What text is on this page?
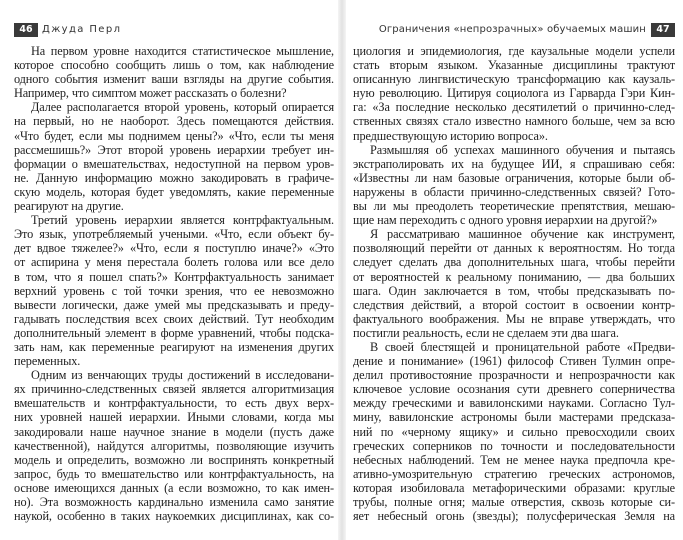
46 Джуда Перл
На первом уровне находится статистическое мышление,
которое способно сообщить лишь о том, как наблюдение
одного события изменит ваши взгляды на другие события.
Например, что симптом может рассказать о болезни?
Далее располагается второй уровень, который опирается
на первый, но не наоборот. Здесь помещаются действия.
«Что будет, если мы поднимем цены?» «Что, если ты меня
рассмешишь?» Этот второй уровень иерархии требует ин-
формации о вмешательствах, недоступной на первом уров-
не. Данную информацию можно закодировать в графиче-
скую модель, которая будет уведомлять, какие переменные
реагируют на другие.
Третий уровень иерархии является контрфактуальным.
Это язык, употребляемый учеными. «Что, если объект бу-
дет вдвое тяжелее?» «Что, если я поступлю иначе?» «Это
от аспирина у меня перестала болеть голова или все дело
в том, что я пошел спать?» Контрфактуальность занимает
верхний уровень с той точки зрения, что ее невозможно
вывести логически, даже умей мы предсказывать и преду-
гадывать последствия всех своих действий. Тут необходим
дополнительный элемент в форме уравнений, чтобы подска-
зать нам, как переменные реагируют на изменения других
переменных.
Одним из венчающих труды достижений в исследовани-
ях причинно-следственных связей является алгоритмизация
вмешательств и контрфактуальности, то есть двух верх-
них уровней нашей иерархии. Иными словами, когда мы
закодировали наше научное знание в модели (пусть даже
качественной), найдутся алгоритмы, позволяющие изучить
модель и определить, возможно ли воспринять конкретный
запрос, будь то вмешательство или контрфактуальность, на
основе имеющихся данных (а если возможно, то как имен-
но). Эта возможность кардинально изменила само занятие
наукой, особенно в таких наукоемких дисциплинах, как со-
Ограничения «непрозрачных» обучаемых машин	47
циология и эпидемиология, где каузальные модели успели
стать вторым языком. Указанные дисциплины трактуют
описанную лингвистическую трансформацию как каузаль-
ную революцию. Цитируя социолога из Гарварда Гэри Кин-
га: «За последние несколько десятилетий о причинно-след-
ственных связях стало известно намного больше, чем за всю
предшествующую историю вопроса».
Размышляя об успехах машинного обучения и пытаясь
экстраполировать их на будущее ИИ, я спрашиваю себя:
«Известны ли нам базовые ограничения, которые были об-
наружены в области причинно-следственных связей? Гото-
вы ли мы преодолеть теоретические препятствия, мешаю-
щие нам переходить с одного уровня иерархии на другой?»
Я рассматриваю машинное обучение как инструмент,
позволяющий перейти от данных к вероятностям. Но тогда
следует сделать два дополнительных шага, чтобы перейти
от вероятностей к реальному пониманию, — два больших
шага. Один заключается в том, чтобы предсказывать по-
следствия действий, а второй состоит в освоении контр-
фактуального воображения. Мы не вправе утверждать, что
постигли реальность, если не сделаем эти два шага.
В своей блестящей и проницательной работе «Предви-
дение и понимание» (1961) философ Стивен Тулмин опре-
делил противостояние прозрачности и непрозрачности как
ключевое условие осознания сути древнего соперничества
между греческими и вавилонскими науками. Согласно Тул-
мину, вавилонские астрономы были мастерами предсказа-
ний по «черному ящику» и сильно превосходили своих
греческих соперников по точности и последовательности
небесных наблюдений. Тем не менее наука предпочла кре-
ативно-умозрительную стратегию греческих астрономов,
которая изобиловала метафорическими образами: круглые
трубы, полные огня; малые отверстия, сквозь которые си-
яет небесный огонь (звезды); полусферическая Земля на
